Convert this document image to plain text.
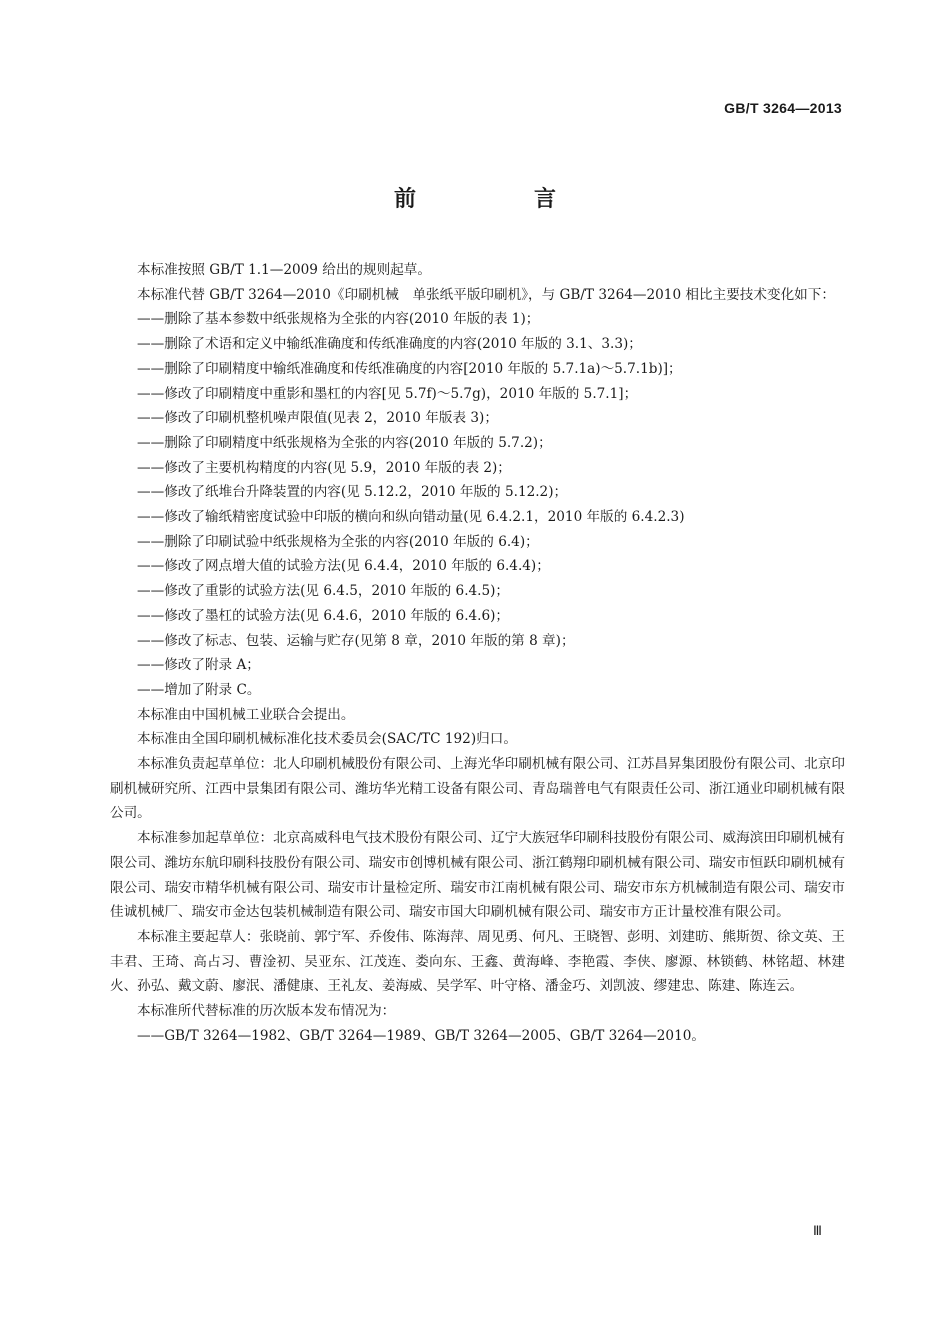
GB/T 3264—2013
前　言

本标准按照 GB/T 1.1—2009 给出的规则起草。

本标准代替 GB/T 3264—2010《印刷机械　单张纸平版印刷机》，与 GB/T 3264—2010 相比主要技术变化如下：

——删除了基本参数中纸张规格为全张的内容(2010 年版的表 1)；

——删除了术语和定义中输纸准确度和传纸准确度的内容(2010 年版的 3.1、3.3)；

——删除了印刷精度中输纸准确度和传纸准确度的内容[2010 年版的 5.7.1a)～5.7.1b)]；

——修改了印刷精度中重影和墨杠的内容[见 5.7f)～5.7g)，2010 年版的 5.7.1]；

——修改了印刷机整机噪声限值(见表 2，2010 年版表 3)；

——删除了印刷精度中纸张规格为全张的内容(2010 年版的 5.7.2)；

——修改了主要机构精度的内容(见 5.9，2010 年版的表 2)；

——修改了纸堆台升降装置的内容(见 5.12.2，2010 年版的 5.12.2)；

——修改了输纸精密度试验中印版的横向和纵向错动量(见 6.4.2.1，2010 年版的 6.4.2.3)

——删除了印刷试验中纸张规格为全张的内容(2010 年版的 6.4)；

——修改了网点增大值的试验方法(见 6.4.4，2010 年版的 6.4.4)；

——修改了重影的试验方法(见 6.4.5，2010 年版的 6.4.5)；

——修改了墨杠的试验方法(见 6.4.6，2010 年版的 6.4.6)；

——修改了标志、包装、运输与贮存(见第 8 章，2010 年版的第 8 章)；

——修改了附录 A；

——增加了附录 C。

本标准由中国机械工业联合会提出。

本标准由全国印刷机械标准化技术委员会(SAC/TC 192)归口。

本标准负责起草单位：北人印刷机械股份有限公司、上海光华印刷机械有限公司、江苏昌昇集团股份有限公司、北京印刷机械研究所、江西中景集团有限公司、潍坊华光精工设备有限公司、青岛瑞普电气有限责任公司、浙江通业印刷机械有限公司。

本标准参加起草单位：北京高威科电气技术股份有限公司、辽宁大族冠华印刷科技股份有限公司、威海滨田印刷机械有限公司、潍坊东航印刷科技股份有限公司、瑞安市创博机械有限公司、浙江鹤翔印刷机械有限公司、瑞安市恒跃印刷机械有限公司、瑞安市精华机械有限公司、瑞安市计量检定所、瑞安市江南机械有限公司、瑞安市东方机械制造有限公司、瑞安市佳诚机械厂、瑞安市金达包装机械制造有限公司、瑞安市国大印刷机械有限公司、瑞安市方正计量校准有限公司。

本标准主要起草人：张晓前、郭宁军、乔俊伟、陈海萍、周见勇、何凡、王晓智、彭明、刘建昉、熊斯贺、徐文英、王丰君、王琦、高占习、曹淦初、吴亚东、江茂连、娄向东、王鑫、黄海峰、李艳霞、李侠、廖源、林锁鹤、林铭超、林建火、孙弘、戴文蔚、廖泯、潘健康、王礼友、姜海威、吴学军、叶守格、潘金巧、刘凯波、缪建忠、陈建、陈连云。

本标准所代替标准的历次版本发布情况为：

——GB/T 3264—1982、GB/T 3264—1989、GB/T 3264—2005、GB/T 3264—2010。

Ⅲ
